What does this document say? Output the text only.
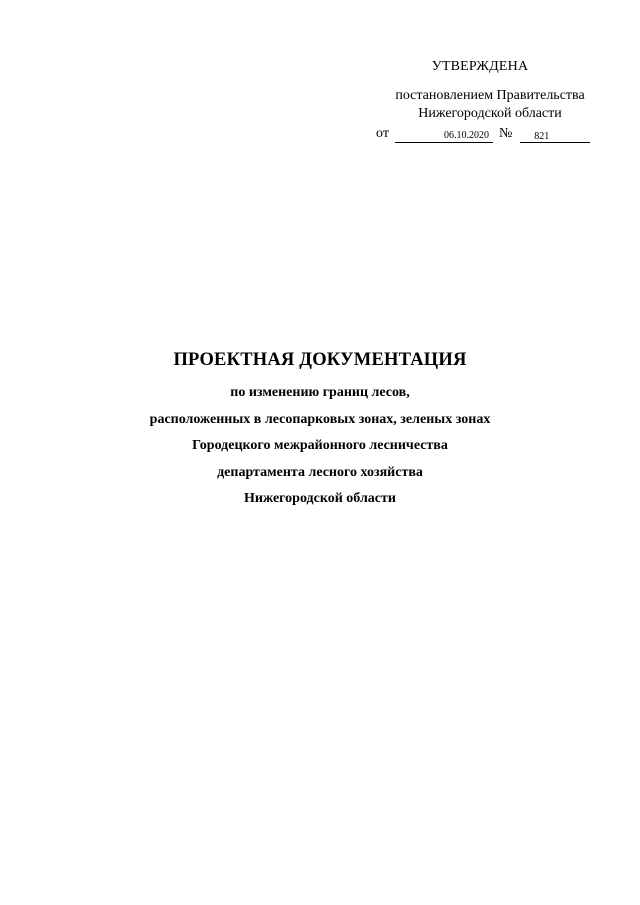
УТВЕРЖДЕНА
постановлением Правительства
Нижегородской области
от	06.10.2020 №	821
ПРОЕКТНАЯ ДОКУМЕНТАЦИЯ
по изменению границ лесов,
расположенных в лесопарковых зонах, зеленых зонах
Городецкого межрайонного лесничества
департамента лесного хозяйства
Нижегородской области
